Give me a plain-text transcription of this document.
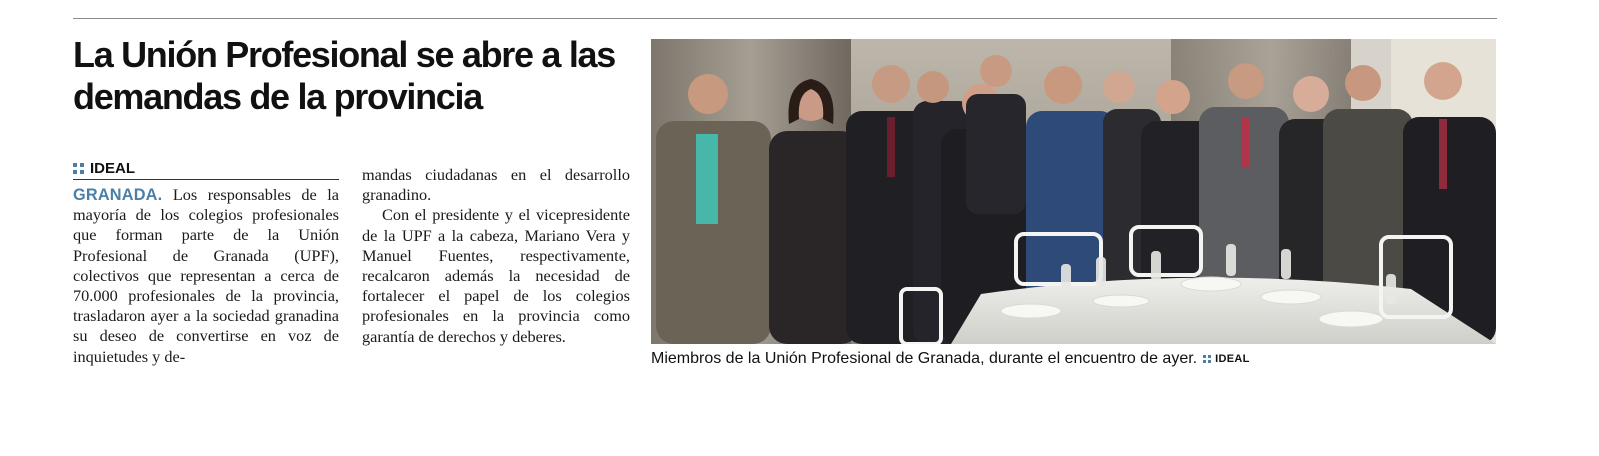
La Unión Profesional se abre a las demandas de la provincia
IDEAL

GRANADA. Los responsables de la mayoría de los colegios profesionales que forman parte de la Unión Profesional de Granada (UPF), colectivos que representan a cerca de 70.000 profesionales de la provincia, trasladaron ayer a la sociedad granadina su deseo de convertirse en voz de inquietudes y de-

mandas ciudadanas en el desarrollo granadino.

Con el presidente y el vicepresidente de la UPF a la cabeza, Mariano Vera y Manuel Fuentes, respectivamente, recalcaron además la necesidad de fortalecer el papel de los colegios profesionales en la provincia como garantía de derechos y deberes.

Miembros de la Unión Profesional de Granada, durante el encuentro de ayer. IDEAL
